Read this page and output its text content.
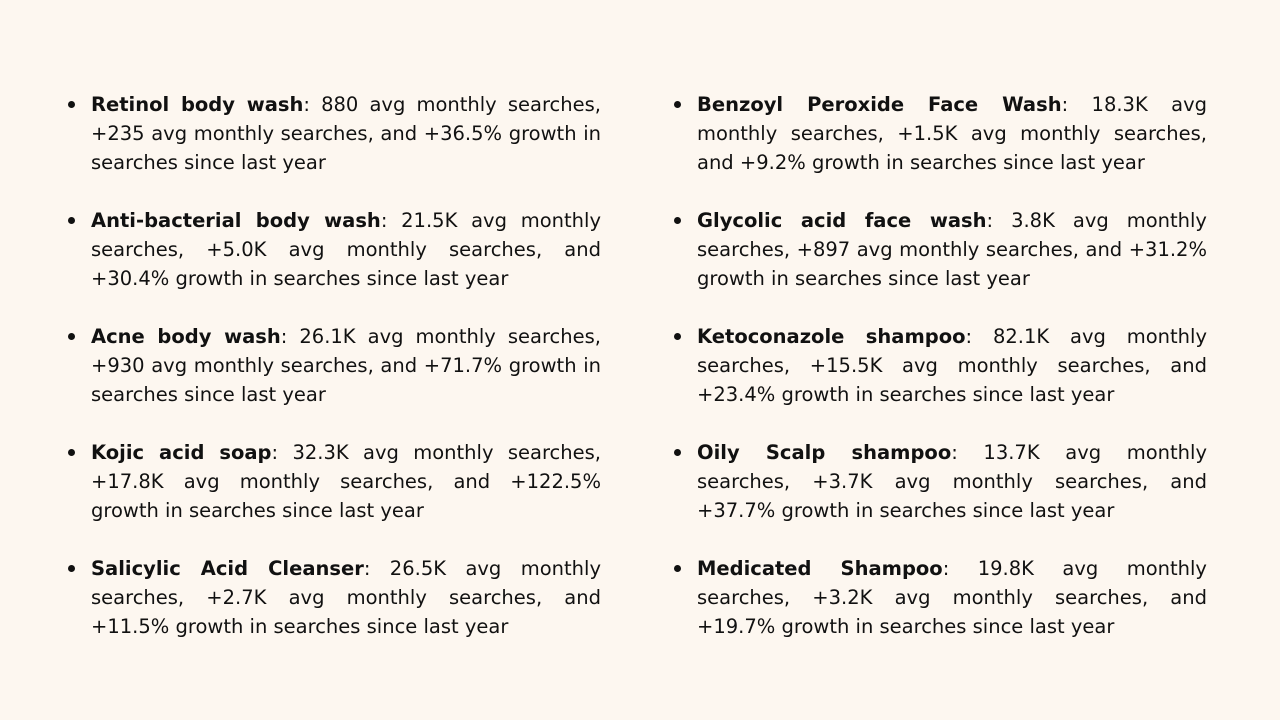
Retinol body wash: 880 avg monthly searches, +235 avg monthly searches, and +36.5% growth in searches since last year
Anti-bacterial body wash: 21.5K avg monthly searches, +5.0K avg monthly searches, and +30.4% growth in searches since last year
Acne body wash: 26.1K avg monthly searches, +930 avg monthly searches, and +71.7% growth in searches since last year
Kojic acid soap: 32.3K avg monthly searches, +17.8K avg monthly searches, and +122.5% growth in searches since last year
Salicylic Acid Cleanser: 26.5K avg monthly searches, +2.7K avg monthly searches, and +11.5% growth in searches since last year
Benzoyl Peroxide Face Wash: 18.3K avg monthly searches, +1.5K avg monthly searches, and +9.2% growth in searches since last year
Glycolic acid face wash: 3.8K avg monthly searches, +897 avg monthly searches, and +31.2% growth in searches since last year
Ketoconazole shampoo: 82.1K avg monthly searches, +15.5K avg monthly searches, and +23.4% growth in searches since last year
Oily Scalp shampoo: 13.7K avg monthly searches, +3.7K avg monthly searches, and +37.7% growth in searches since last year
Medicated Shampoo: 19.8K avg monthly searches, +3.2K avg monthly searches, and +19.7% growth in searches since last year
